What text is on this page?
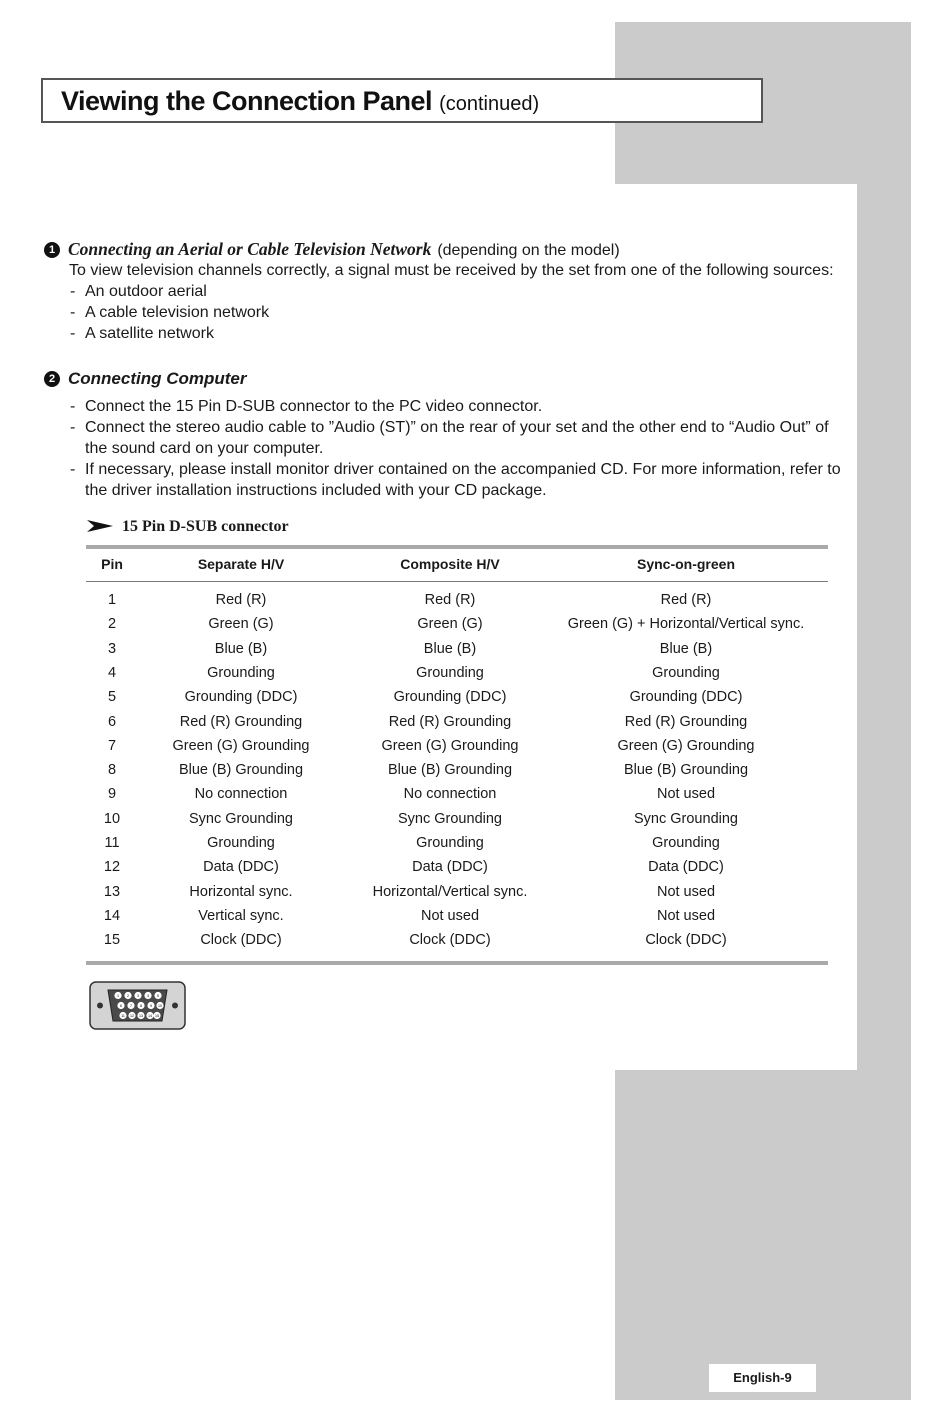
Viewing the Connection Panel (continued)
1 Connecting an Aerial or Cable Television Network (depending on the model)
To view television channels correctly, a signal must be received by the set from one of the following sources:
- An outdoor aerial
- A cable television network
- A satellite network
2 Connecting Computer
- Connect the 15 Pin D-SUB connector to the PC video connector.
- Connect the stereo audio cable to ”Audio (ST)” on the rear of your set and the other end to “Audio Out” of
the sound card on your computer.
- If necessary, please install monitor driver contained on the accompanied CD. For more information, refer to
the driver installation instructions included with your CD package.
15 Pin D-SUB connector
Pin	Separate H/V	Composite H/V	Sync-on-green
1	Red (R)	Red (R)	Red (R)
2	Green (G)	Green (G)	Green (G) + Horizontal/Vertical sync.
3	Blue (B)	Blue (B)	Blue (B)
4	Grounding	Grounding	Grounding
5	Grounding (DDC)	Grounding (DDC)	Grounding (DDC)
6	Red (R) Grounding	Red (R) Grounding	Red (R) Grounding
7	Green (G) Grounding	Green (G) Grounding	Green (G) Grounding
8	Blue (B) Grounding	Blue (B) Grounding	Blue (B) Grounding
9	No connection	No connection	Not used
10	Sync Grounding	Sync Grounding	Sync Grounding
11	Grounding	Grounding	Grounding
12	Data (DDC)	Data (DDC)	Data (DDC)
13	Horizontal sync.	Horizontal/Vertical sync.	Not used
14	Vertical sync.	Not used	Not used
15	Clock (DDC)	Clock (DDC)	Clock (DDC)
1 2 3 4 5
6 7 8 9 10
11 12 13 14 15
English-9
